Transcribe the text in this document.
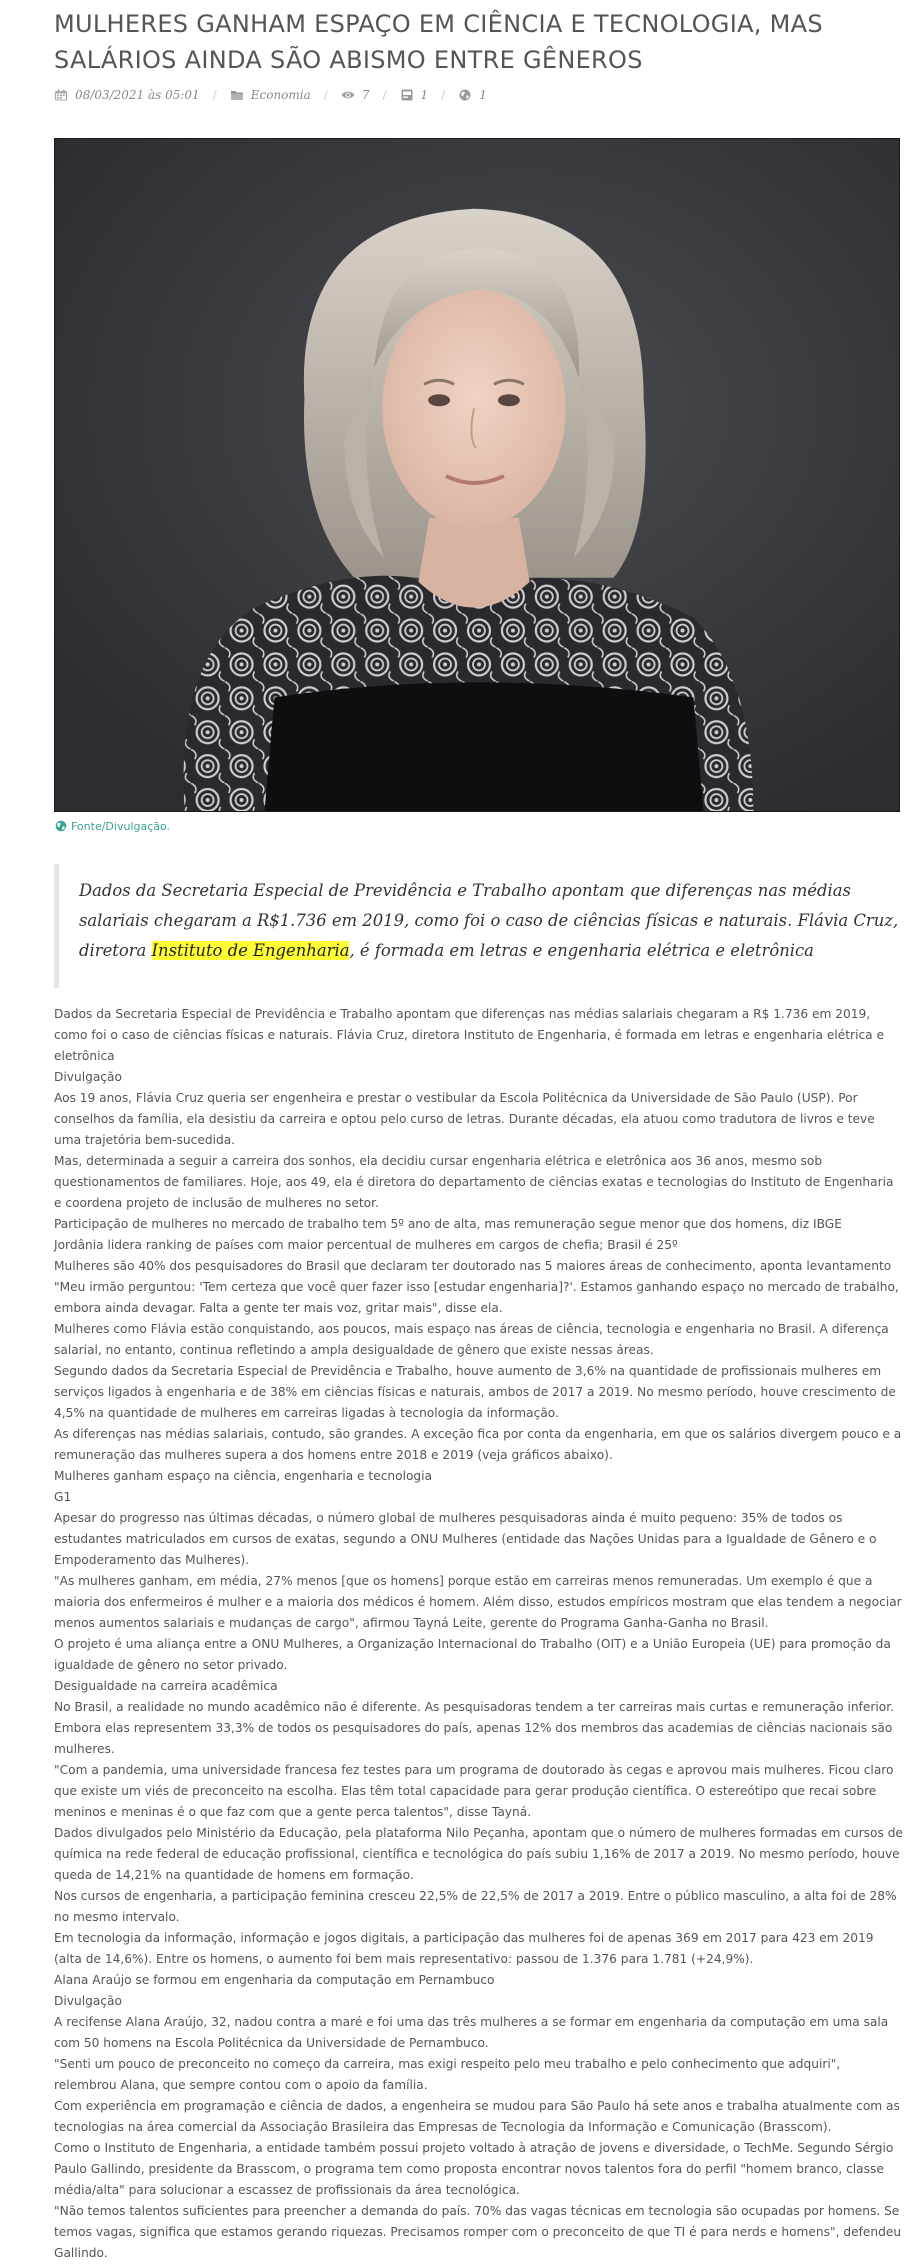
MULHERES GANHAM ESPAÇO EM CIÊNCIA E TECNOLOGIA, MAS SALÁRIOS AINDA SÃO ABISMO ENTRE GÊNEROS
08/03/2021 às 05:01 /	Economia /	7 /	1 /	1
Fonte/Divulgação.
Dados da Secretaria Especial de Previdência e Trabalho apontam que diferenças nas médias salariais chegaram a R$1.736 em 2019, como foi o caso de ciências físicas e naturais. Flávia Cruz, diretora Instituto de Engenharia, é formada em letras e engenharia elétrica e eletrônica

Dados da Secretaria Especial de Previdência e Trabalho apontam que diferenças nas médias salariais chegaram a R$ 1.736 em 2019, como foi o caso de ciências físicas e naturais. Flávia Cruz, diretora Instituto de Engenharia, é formada em letras e engenharia elétrica e eletrônica

Divulgação

Aos 19 anos, Flávia Cruz queria ser engenheira e prestar o vestibular da Escola Politécnica da Universidade de São Paulo (USP). Por conselhos da família, ela desistiu da carreira e optou pelo curso de letras. Durante décadas, ela atuou como tradutora de livros e teve uma trajetória bem-sucedida.

Mas, determinada a seguir a carreira dos sonhos, ela decidiu cursar engenharia elétrica e eletrônica aos 36 anos, mesmo sob questionamentos de familiares. Hoje, aos 49, ela é diretora do departamento de ciências exatas e tecnologias do Instituto de Engenharia e coordena projeto de inclusão de mulheres no setor.

Participação de mulheres no mercado de trabalho tem 5º ano de alta, mas remuneração segue menor que dos homens, diz IBGE

Jordânia lidera ranking de países com maior percentual de mulheres em cargos de chefia; Brasil é 25º

Mulheres são 40% dos pesquisadores do Brasil que declaram ter doutorado nas 5 maiores áreas de conhecimento, aponta levantamento

"Meu irmão perguntou: 'Tem certeza que você quer fazer isso [estudar engenharia]?'. Estamos ganhando espaço no mercado de trabalho, embora ainda devagar. Falta a gente ter mais voz, gritar mais", disse ela.

Mulheres como Flávia estão conquistando, aos poucos, mais espaço nas áreas de ciência, tecnologia e engenharia no Brasil. A diferença salarial, no entanto, continua refletindo a ampla desigualdade de gênero que existe nessas áreas.

Segundo dados da Secretaria Especial de Previdência e Trabalho, houve aumento de 3,6% na quantidade de profissionais mulheres em serviços ligados à engenharia e de 38% em ciências físicas e naturais, ambos de 2017 a 2019. No mesmo período, houve crescimento de 4,5% na quantidade de mulheres em carreiras ligadas à tecnologia da informação.

As diferenças nas médias salariais, contudo, são grandes. A exceção fica por conta da engenharia, em que os salários divergem pouco e a remuneração das mulheres supera a dos homens entre 2018 e 2019 (veja gráficos abaixo).

Mulheres ganham espaço na ciência, engenharia e tecnologia

G1

Apesar do progresso nas últimas décadas, o número global de mulheres pesquisadoras ainda é muito pequeno: 35% de todos os estudantes matriculados em cursos de exatas, segundo a ONU Mulheres (entidade das Nações Unidas para a Igualdade de Gênero e o Empoderamento das Mulheres).

"As mulheres ganham, em média, 27% menos [que os homens] porque estão em carreiras menos remuneradas. Um exemplo é que a maioria dos enfermeiros é mulher e a maioria dos médicos é homem. Além disso, estudos empíricos mostram que elas tendem a negociar menos aumentos salariais e mudanças de cargo", afirmou Tayná Leite, gerente do Programa Ganha-Ganha no Brasil.

O projeto é uma aliança entre a ONU Mulheres, a Organização Internacional do Trabalho (OIT) e a União Europeia (UE) para promoção da igualdade de gênero no setor privado.

Desigualdade na carreira acadêmica

No Brasil, a realidade no mundo acadêmico não é diferente. As pesquisadoras tendem a ter carreiras mais curtas e remuneração inferior. Embora elas representem 33,3% de todos os pesquisadores do país, apenas 12% dos membros das academias de ciências nacionais são mulheres.

"Com a pandemia, uma universidade francesa fez testes para um programa de doutorado às cegas e aprovou mais mulheres. Ficou claro que existe um viés de preconceito na escolha. Elas têm total capacidade para gerar produção científica. O estereótipo que recai sobre meninos e meninas é o que faz com que a gente perca talentos", disse Tayná.

Dados divulgados pelo Ministério da Educação, pela plataforma Nilo Peçanha, apontam que o número de mulheres formadas em cursos de química na rede federal de educação profissional, científica e tecnológica do país subiu 1,16% de 2017 a 2019. No mesmo período, houve queda de 14,21% na quantidade de homens em formação.

Nos cursos de engenharia, a participação feminina cresceu 22,5% de 22,5% de 2017 a 2019. Entre o público masculino, a alta foi de 28% no mesmo intervalo.

Em tecnologia da informação, informação e jogos digitais, a participação das mulheres foi de apenas 369 em 2017 para 423 em 2019 (alta de 14,6%). Entre os homens, o aumento foi bem mais representativo: passou de 1.376 para 1.781 (+24,9%).

Alana Araújo se formou em engenharia da computação em Pernambuco

Divulgação

A recifense Alana Araújo, 32, nadou contra a maré e foi uma das três mulheres a se formar em engenharia da computação em uma sala com 50 homens na Escola Politécnica da Universidade de Pernambuco.

"Senti um pouco de preconceito no começo da carreira, mas exigi respeito pelo meu trabalho e pelo conhecimento que adquiri", relembrou Alana, que sempre contou com o apoio da família.

Com experiência em programação e ciência de dados, a engenheira se mudou para São Paulo há sete anos e trabalha atualmente com as tecnologias na área comercial da Associação Brasileira das Empresas de Tecnologia da Informação e Comunicação (Brasscom).

Como o Instituto de Engenharia, a entidade também possui projeto voltado à atração de jovens e diversidade, o TechMe. Segundo Sérgio Paulo Gallindo, presidente da Brasscom, o programa tem como proposta encontrar novos talentos fora do perfil "homem branco, classe média/alta" para solucionar a escassez de profissionais da área tecnológica.

"Não temos talentos suficientes para preencher a demanda do país. 70% das vagas técnicas em tecnologia são ocupadas por homens. Se temos vagas, significa que estamos gerando riquezas. Precisamos romper com o preconceito de que TI é para nerds e homens", defendeu Gallindo.
